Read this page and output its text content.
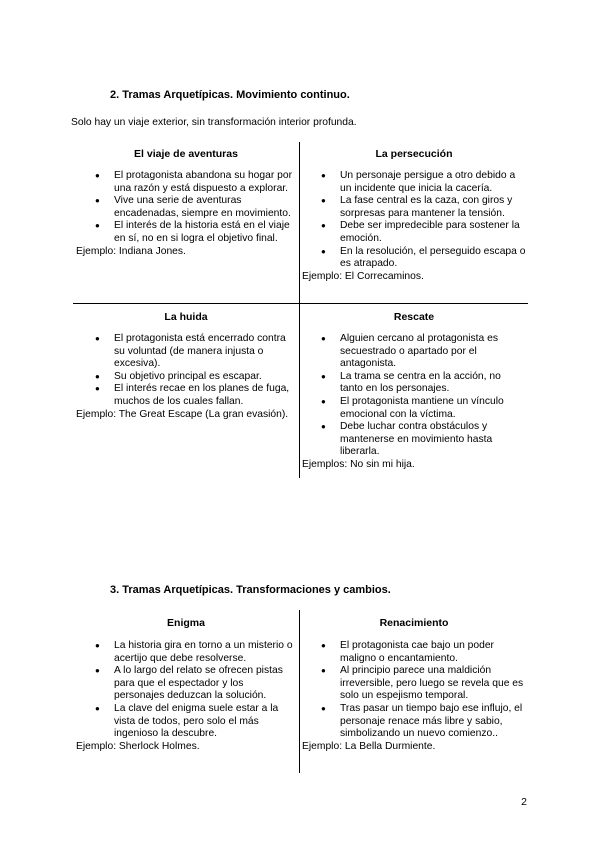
2. Tramas Arquetípicas. Movimiento continuo.
Solo hay un viaje exterior, sin transformación interior profunda.
El viaje de aventuras
● El protagonista abandona su hogar por una razón y está dispuesto a explorar.
● Vive una serie de aventuras encadenadas, siempre en movimiento.
● El interés de la historia está en el viaje en sí, no en si logra el objetivo final.
Ejemplo: Indiana Jones.
La persecución
● Un personaje persigue a otro debido a un incidente que inicia la cacería.
● La fase central es la caza, con giros y sorpresas para mantener la tensión.
● Debe ser impredecible para sostener la emoción.
● En la resolución, el perseguido escapa o es atrapado.
Ejemplo: El Correcaminos.
La huida
● El protagonista está encerrado contra su voluntad (de manera injusta o excesiva).
● Su objetivo principal es escapar.
● El interés recae en los planes de fuga, muchos de los cuales fallan.
Ejemplo: The Great Escape (La gran evasión).
Rescate
● Alguien cercano al protagonista es secuestrado o apartado por el antagonista.
● La trama se centra en la acción, no tanto en los personajes.
● El protagonista mantiene un vínculo emocional con la víctima.
● Debe luchar contra obstáculos y mantenerse en movimiento hasta liberarla.
Ejemplos: No sin mi hija.
3. Tramas Arquetípicas. Transformaciones y cambios.
Enigma
● La historia gira en torno a un misterio o acertijo que debe resolverse.
● A lo largo del relato se ofrecen pistas para que el espectador y los personajes deduzcan la solución.
● La clave del enigma suele estar a la vista de todos, pero solo el más ingenioso la descubre.
Ejemplo: Sherlock Holmes.
Renacimiento
● El protagonista cae bajo un poder maligno o encantamiento.
● Al principio parece una maldición irreversible, pero luego se revela que es solo un espejismo temporal.
● Tras pasar un tiempo bajo ese influjo, el personaje renace más libre y sabio, simbolizando un nuevo comienzo..
Ejemplo: La Bella Durmiente.
2
